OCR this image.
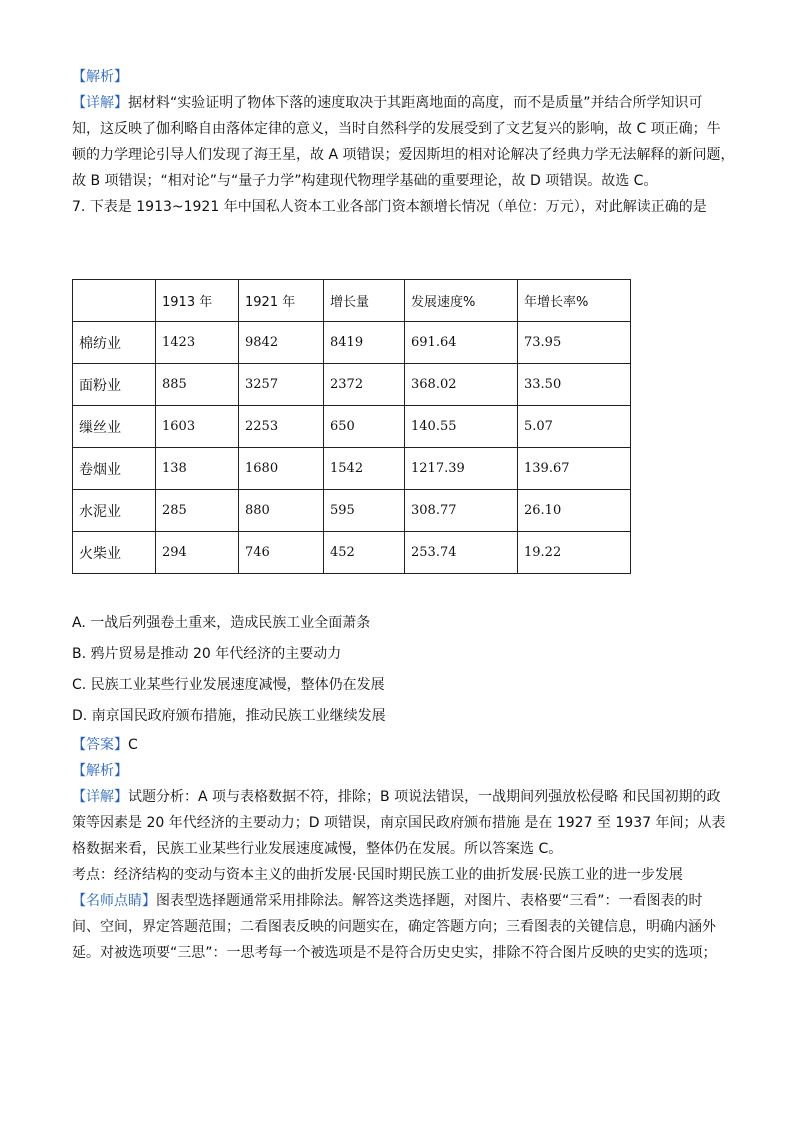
【解析】

【详解】据材料“实验证明了物体下落的速度取决于其距离地面的高度，而不是质量”并结合所学知识可

知，这反映了伽利略自由落体定律的意义，当时自然科学的发展受到了文艺复兴的影响，故 C 项正确；牛

顿的力学理论引导人们发现了海王星，故 A 项错误；爱因斯坦的相对论解决了经典力学无法解释的新问题，

故 B 项错误；“相对论”与“量子力学”构建现代物理学基础的重要理论，故 D 项错误。故选 C。

7. 下表是 1913~1921 年中国私人资本工业各部门资本额增长情况（单位：万元），对此解读正确的是

	1913 年	1921 年	增长量	发展速度%	年增长率%
棉纺业	1423	9842	8419	691.64	73.95
面粉业	885	3257	2372	368.02	33.50
缫丝业	1603	2253	650	140.55	5.07
卷烟业	138	1680	1542	1217.39	139.67
水泥业	285	880	595	308.77	26.10
火柴业	294	746	452	253.74	19.22

A. 一战后列强卷土重来，造成民族工业全面萧条

B. 鸦片贸易是推动 20 年代经济的主要动力

C. 民族工业某些行业发展速度减慢，整体仍在发展

D. 南京国民政府颁布措施，推动民族工业继续发展

【答案】C

【解析】

【详解】试题分析：A 项与表格数据不符，排除；B 项说法错误，一战期间列强放松侵略 和民国初期的政

策等因素是 20 年代经济的主要动力；D 项错误，南京国民政府颁布措施 是在 1927 至 1937 年间；从表

格数据来看，民族工业某些行业发展速度减慢，整体仍在发展。所以答案选 C。

考点：经济结构的变动与资本主义的曲折发展·民国时期民族工业的曲折发展·民族工业的进一步发展

【名师点睛】图表型选择题通常采用排除法。解答这类选择题，对图片、表格要“三看”：一看图表的时

间、空间，界定答题范围；二看图表反映的问题实在，确定答题方向；三看图表的关键信息，明确内涵外

延。对被选项要“三思”：一思考每一个被选项是不是符合历史史实，排除不符合图片反映的史实的选项；
